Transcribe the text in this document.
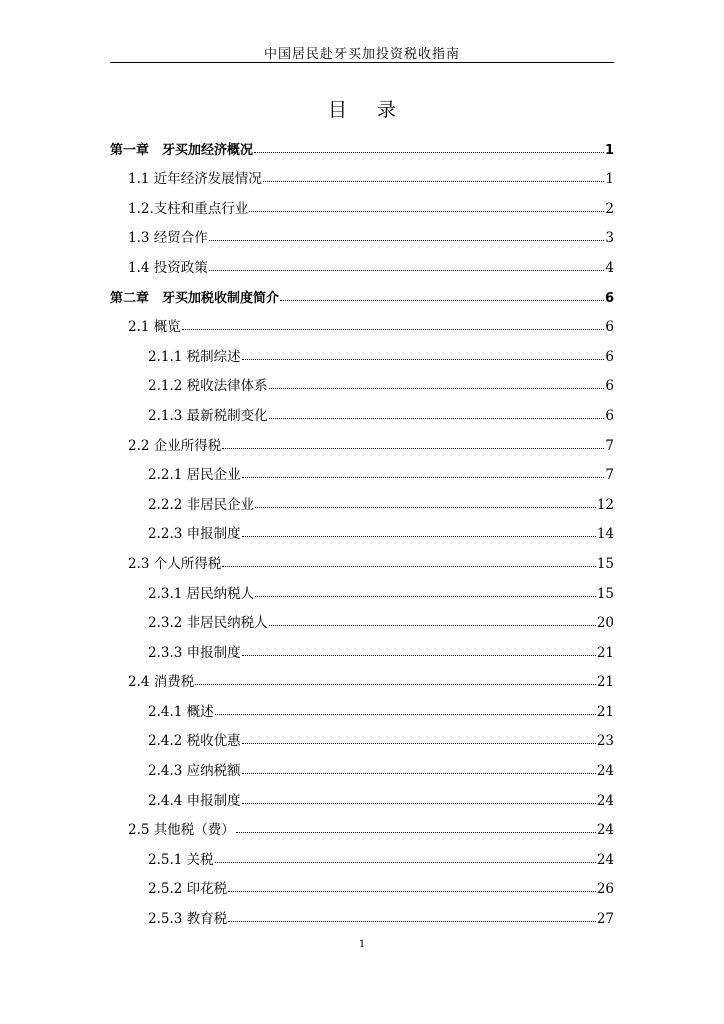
中国居民赴牙买加投资税收指南
目录
第一章　牙买加经济概况	1
1.1 近年经济发展情况	1
1.2.支柱和重点行业	2
1.3 经贸合作	3
1.4 投资政策	4
第二章　牙买加税收制度简介	6
2.1 概览	6
2.1.1 税制综述	6
2.1.2 税收法律体系	6
2.1.3 最新税制变化	6
2.2 企业所得税	7
2.2.1 居民企业	7
2.2.2 非居民企业	12
2.2.3 申报制度	14
2.3 个人所得税	15
2.3.1 居民纳税人	15
2.3.2 非居民纳税人	20
2.3.3 申报制度	21
2.4 消费税	21
2.4.1 概述	21
2.4.2 税收优惠	23
2.4.3 应纳税额	24
2.4.4 申报制度	24
2.5 其他税（费）	24
2.5.1 关税	24
2.5.2 印花税	26
2.5.3 教育税	27
1
